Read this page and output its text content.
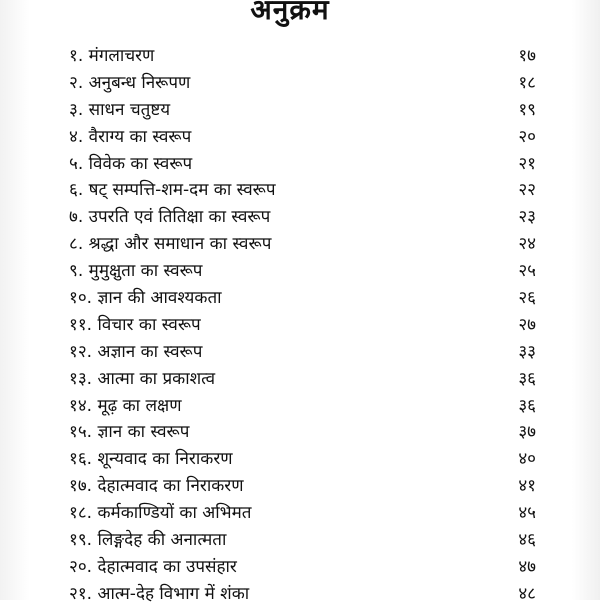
अनुक्रम
१. मंगलाचरण	१७
२. अनुबन्ध निरूपण	१८
३. साधन चतुष्टय	१९
४. वैराग्य का स्वरूप	२०
५. विवेक का स्वरूप	२१
६. षट् सम्पत्ति-शम-दम का स्वरूप	२२
७. उपरति एवं तितिक्षा का स्वरूप	२३
८. श्रद्धा और समाधान का स्वरूप	२४
९. मुमुक्षुता का स्वरूप	२५
१०. ज्ञान की आवश्यकता	२६
११. विचार का स्वरूप	२७
१२. अज्ञान का स्वरूप	३३
१३. आत्मा का प्रकाशत्व	३६
१४. मूढ़ का लक्षण	३६
१५. ज्ञान का स्वरूप	३७
१६. शून्यवाद का निराकरण	४०
१७. देहात्मवाद का निराकरण	४१
१८. कर्मकाण्डियों का अभिमत	४५
१९. लिङ्गदेह की अनात्मता	४६
२०. देहात्मवाद का उपसंहार	४७
२१. आत्म-देह विभाग में शंका	४८
